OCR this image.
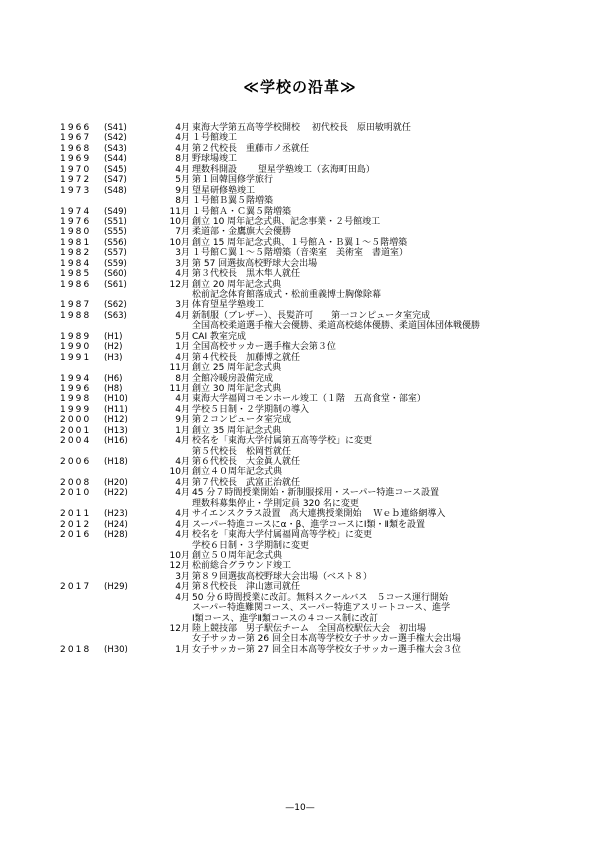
≪学校の沿革≫
1966 (S41)	4月 東海大学第五高等学校開校　 初代校長　原田敏明就任
1967 (S42)	4月 １号館竣工
1968 (S43)	4月 第２代校長　重藤市ノ丞就任
1969 (S44)	8月 野球場竣工
1970 (S45)	4月 理数科開設　　 望星学塾竣工（玄海町田島）
1972 (S47)	5月 第１回韓国修学旅行
1973 (S48)	9月 望星研修塾竣工
8月 １号館Ｂ翼５階増築
1974 (S49)	11月 １号館Ａ・Ｃ翼５階増築
1976 (S51)	10月 創立 10 周年記念式典、記念事業・２号館竣工
1980 (S55)	7月 柔道部・金鷹旗大会優勝
1981 (S56)	10月 創立 15 周年記念式典、１号館Ａ・Ｂ翼１～５階増築
1982 (S57)	3月 １号館Ｃ翼１～５階増築（音楽室　美術室　書道室）
1984 (S59)	3月 第 57 回選抜高校野球大会出場
1985 (S60)	4月 第３代校長　黒木隼人就任
1986 (S61)	12月 創立 20 周年記念式典
松前記念体育館落成式・松前重義博士胸像除幕
1987 (S62)	3月 体育望星学塾竣工
1988 (S63)	4月 新制服（ブレザー）、長髪許可　　第一コンピュータ室完成
全国高校柔道選手権大会優勝、柔道高校総体優勝、柔道国体団体戦優勝
1989 (H1)	5月 CAI 教室完成
1990 (H2)	1月 全国高校サッカー選手権大会第３位
1991 (H3)	4月 第４代校長　加藤博之就任
11月 創立 25 周年記念式典
1994 (H6)	8月 全館冷暖房設備完成
1996 (H8)	11月 創立 30 周年記念式典
1998 (H10)	4月 東海大学福岡コモンホール竣工（１階　五高食堂・部室）
1999 (H11)	4月 学校５日制・２学期制の導入
2000 (H12)	9月 第２コンピュータ室完成
2001 (H13)	1月 創立 35 周年記念式典
2004 (H16)	4月 校名を「東海大学付属第五高等学校」に変更
第５代校長　松岡哲就任
2006 (H18)	4月 第６代校長　大金眞人就任
10月 創立４０周年記念式典
2008 (H20)	4月 第７代校長　武富正治就任
2010 (H22)	4月 45 分７時間授業開始・新制服採用・スーパー特進コース設置
理数科募集停止・学則定員 320 名に変更
2011 (H23)	4月 サイエンスクラス設置　高大連携授業開始　 Ｗｅｂ連絡網導入
2012 (H24)	4月 スーパー特進コースにα・β、進学コースにⅠ類・Ⅱ類を設置
2016 (H28)	4月 校名を「東海大学付属福岡高等学校」に変更
学校６日制・３学期制に変更
10月 創立５０周年記念式典
12月 松前総合グラウンド竣工
3月 第８９回選抜高校野球大会出場（ベスト８）
2017 (H29)	4月 第８代校長　津山憲司就任
4月 50 分６時間授業に改訂。無料スクールバス　５コース運行開始
スーパー特進難関コース、スーパー特進アスリートコース、進学
Ⅰ類コース、進学Ⅱ類コースの４コース制に改訂
12月 陸上競技部　男子駅伝チーム　全国高校駅伝大会　初出場
女子サッカー第 26 回全日本高等学校女子サッカー選手権大会出場
2018 (H30)	1月 女子サッカー第 27 回全日本高等学校女子サッカー選手権大会３位
—10—
